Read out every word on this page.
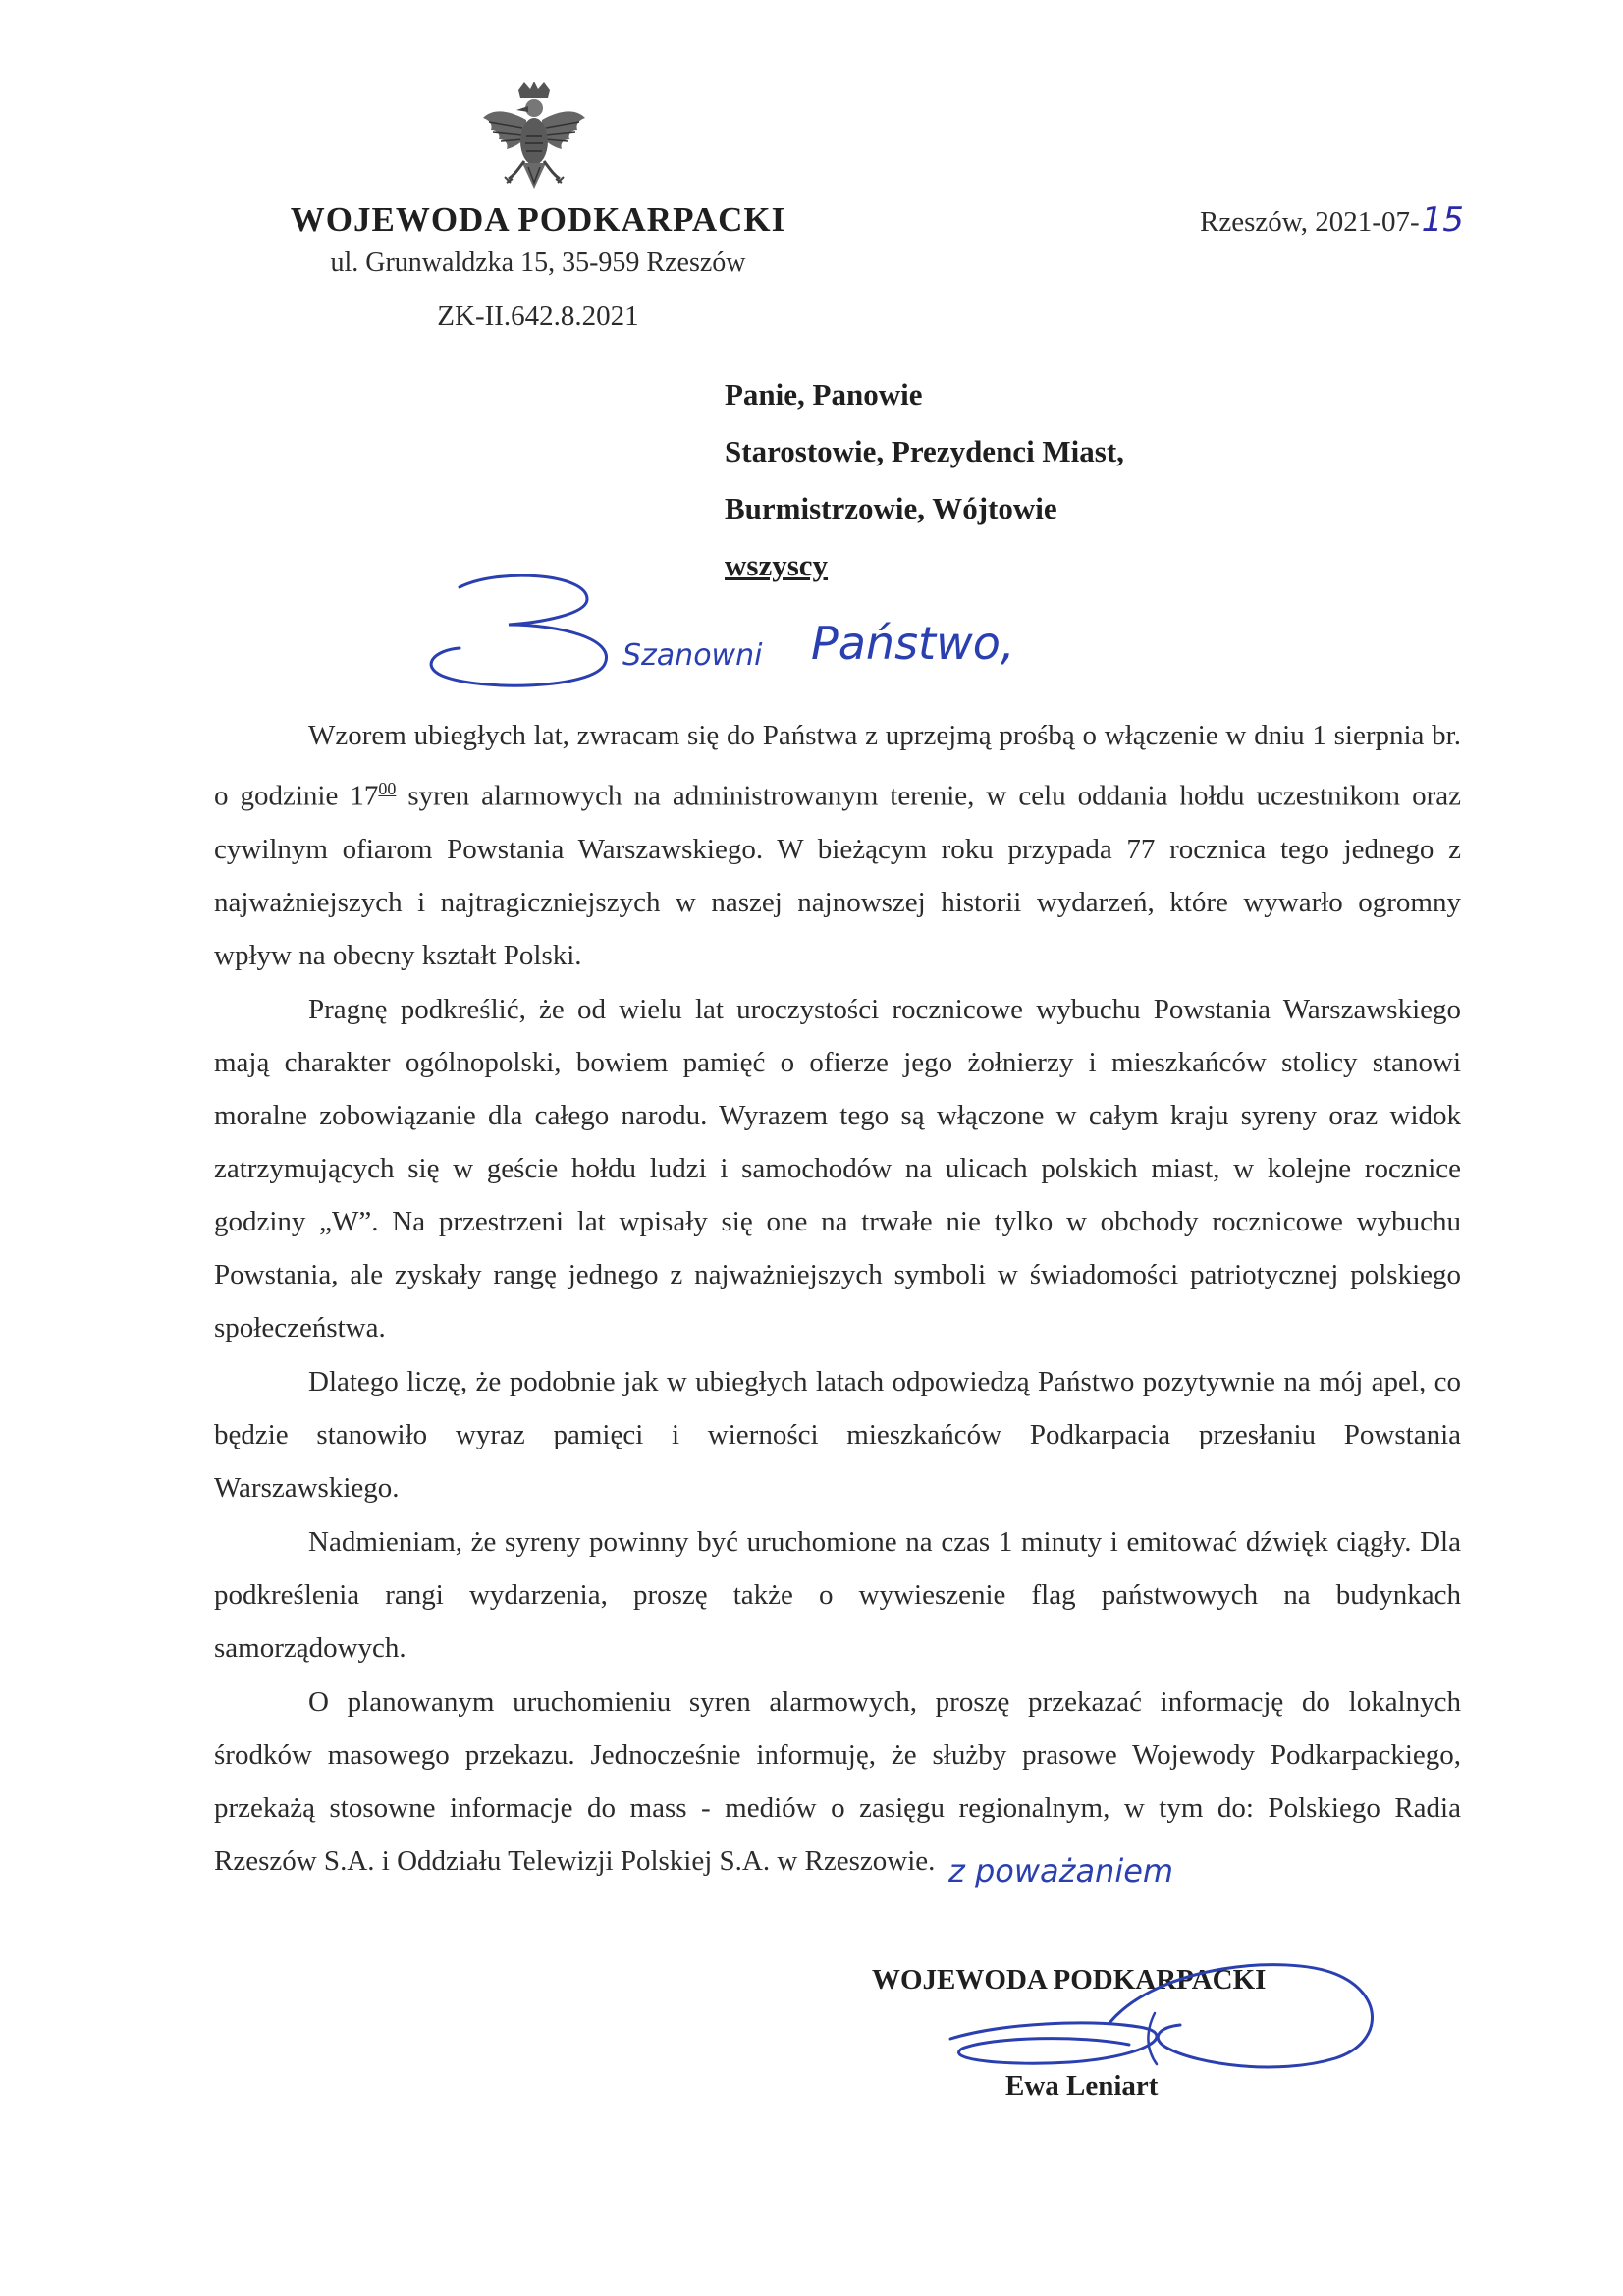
WOJEWODA PODKARPACKI
ul. Grunwaldzka 15, 35-959 Rzeszów
ZK-II.642.8.2021
Rzeszów, 2021-07-15
Panie, Panowie
Starostowie, Prezydenci Miast,
Burmistrzowie, Wójtowie
wszyscy
Szanowni Państwo,

Wzorem ubiegłych lat, zwracam się do Państwa z uprzejmą prośbą o włączenie w dniu 1 sierpnia br. o godzinie $17^{00}$ syren alarmowych na administrowanym terenie, w celu oddania hołdu uczestnikom oraz cywilnym ofiarom Powstania Warszawskiego. W bieżącym roku przypada 77 rocznica tego jednego z najważniejszych i najtragiczniejszych w naszej najnowszej historii wydarzeń, które wywarło ogromny wpływ na obecny kształt Polski.

Pragnę podkreślić, że od wielu lat uroczystości rocznicowe wybuchu Powstania Warszawskiego mają charakter ogólnopolski, bowiem pamięć o ofierze jego żołnierzy i mieszkańców stolicy stanowi moralne zobowiązanie dla całego narodu. Wyrazem tego są włączone w całym kraju syreny oraz widok zatrzymujących się w geście hołdu ludzi i samochodów na ulicach polskich miast, w kolejne rocznice godziny „W”. Na przestrzeni lat wpisały się one na trwałe nie tylko w obchody rocznicowe wybuchu Powstania, ale zyskały rangę jednego z najważniejszych symboli w świadomości patriotycznej polskiego społeczeństwa.

Dlatego liczę, że podobnie jak w ubiegłych latach odpowiedzą Państwo pozytywnie na mój apel, co będzie stanowiło wyraz pamięci i wierności mieszkańców Podkarpacia przesłaniu Powstania Warszawskiego.

Nadmieniam, że syreny powinny być uruchomione na czas 1 minuty i emitować dźwięk ciągły. Dla podkreślenia rangi wydarzenia, proszę także o wywieszenie flag państwowych na budynkach samorządowych.

O planowanym uruchomieniu syren alarmowych, proszę przekazać informację do lokalnych środków masowego przekazu. Jednocześnie informuję, że służby prasowe Wojewody Podkarpackiego, przekażą stosowne informacje do mass - mediów o zasięgu regionalnym, w tym do: Polskiego Radia Rzeszów S.A. i Oddziału Telewizji Polskiej S.A. w Rzeszowie. z poważaniem
WOJEWODA PODKARPACKI
Ewa Leniart
